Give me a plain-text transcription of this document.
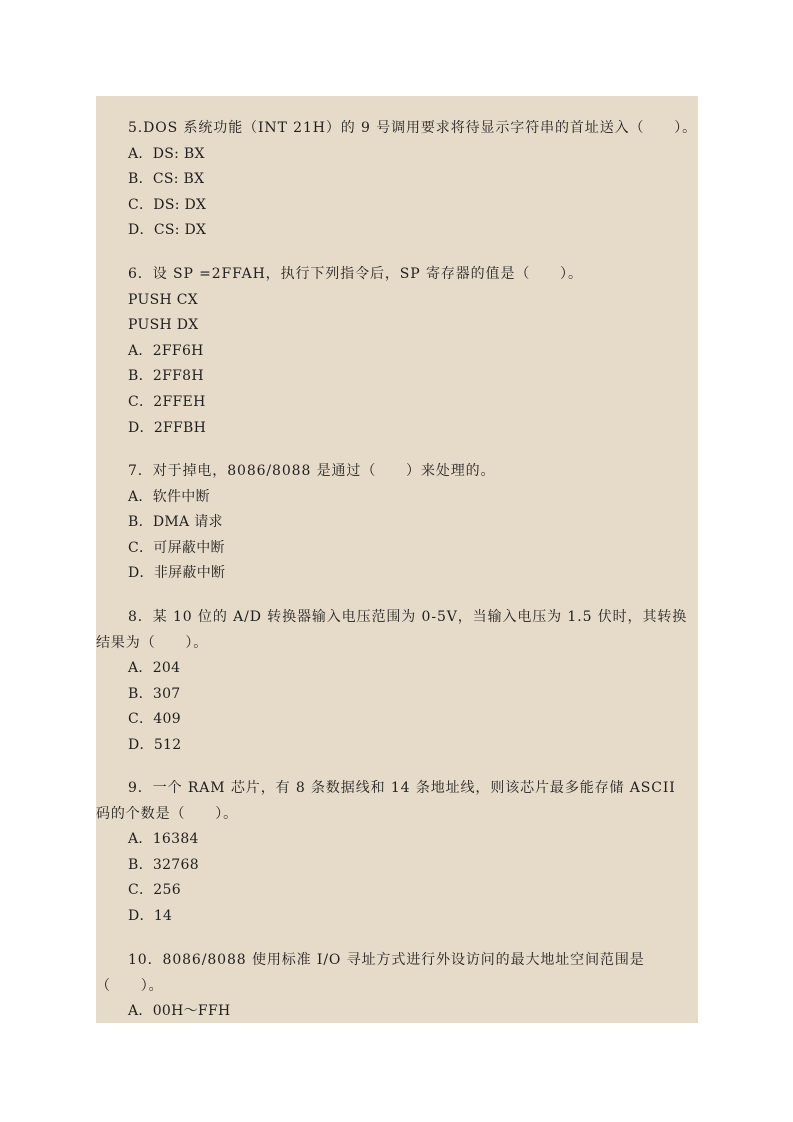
5.DOS 系统功能（INT 21H）的 9 号调用要求将待显示字符串的首址送入（　　）。
A．DS: BX
B．CS: BX
C．DS: DX
D．CS: DX
6．设 SP =2FFAH，执行下列指令后，SP 寄存器的值是（　　）。
PUSH CX
PUSH DX
A．2FF6H
B．2FF8H
C．2FFEH
D．2FFBH
7．对于掉电，8086/8088 是通过（　　）来处理的。
A．软件中断
B．DMA 请求
C．可屏蔽中断
D．非屏蔽中断
8．某 10 位的 A/D 转换器输入电压范围为 0-5V，当输入电压为 1.5 伏时，其转换
结果为（　　）。
A．204
B．307
C．409
D．512
9．一个 RAM 芯片，有 8 条数据线和 14 条地址线，则该芯片最多能存储 ASCII
码的个数是（　　）。
A．16384
B．32768
C．256
D．14
10．8086/8088 使用标准 I/O 寻址方式进行外设访问的最大地址空间范围是
（　　）。
A．00H～FFH
